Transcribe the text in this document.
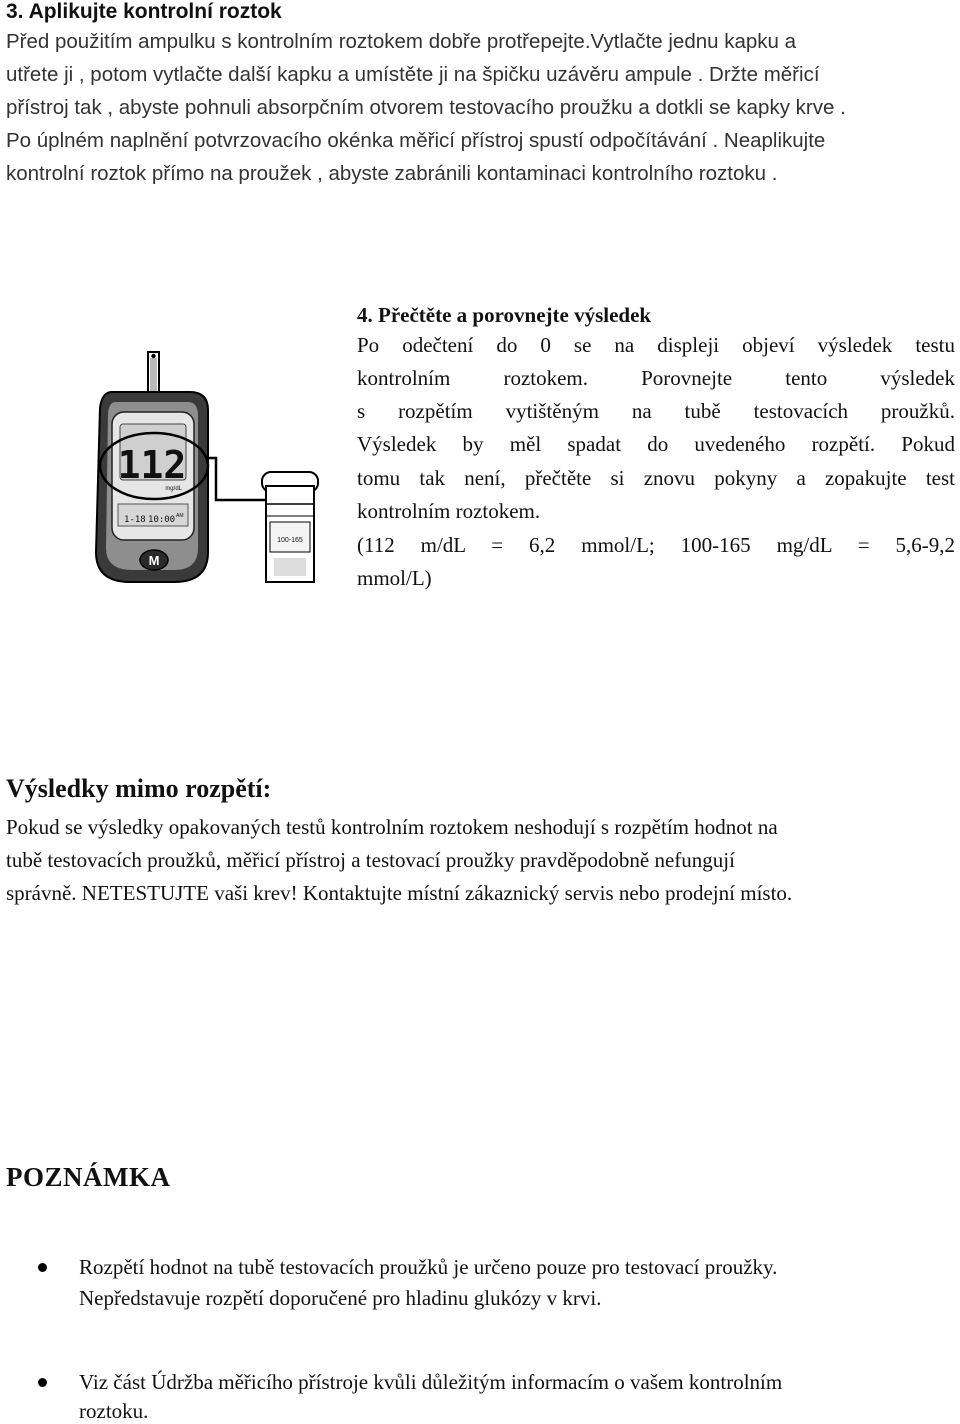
3. Aplikujte kontrolní roztok
Před použitím ampulku s kontrolním roztokem dobře protřepejte.Vytlačte jednu kapku a
utřete ji , potom vytlačte další kapku a umístěte ji na špičku uzávěru ampule . Držte měřicí
přístroj tak , abyste pohnuli absorpčním otvorem testovacího proužku a dotkli se kapky krve .
Po úplném naplnění potvrzovacího okénka měřicí přístroj spustí odpočítávání . Neaplikujte
kontrolní roztok přímo na proužek , abyste zabránili kontaminaci kontrolního roztoku .
112
mg/dL
1-18 10:00 AM
M
100-165
4. Přečtěte a porovnejte výsledek
Po odečtení do 0 se na displeji objeví výsledek testu
kontrolním roztokem. Porovnejte tento výsledek
s rozpětím vytištěným na tubě testovacích proužků.
Výsledek by měl spadat do uvedeného rozpětí. Pokud
tomu tak není, přečtěte si znovu pokyny a zopakujte test
kontrolním roztokem.
(112 m/dL = 6,2 mmol/L; 100-165 mg/dL = 5,6-9,2
mmol/L)
Výsledky mimo rozpětí:
Pokud se výsledky opakovaných testů kontrolním roztokem neshodují s rozpětím hodnot na
tubě testovacích proužků, měřicí přístroj a testovací proužky pravděpodobně nefungují
správně. NETESTUJTE vaši krev! Kontaktujte místní zákaznický servis nebo prodejní místo.
POZNÁMKA
Rozpětí hodnot na tubě testovacích proužků je určeno pouze pro testovací proužky.
Nepředstavuje rozpětí doporučené pro hladinu glukózy v krvi.
Viz část Údržba měřicího přístroje kvůli důležitým informacím o vašem kontrolním
roztoku.
